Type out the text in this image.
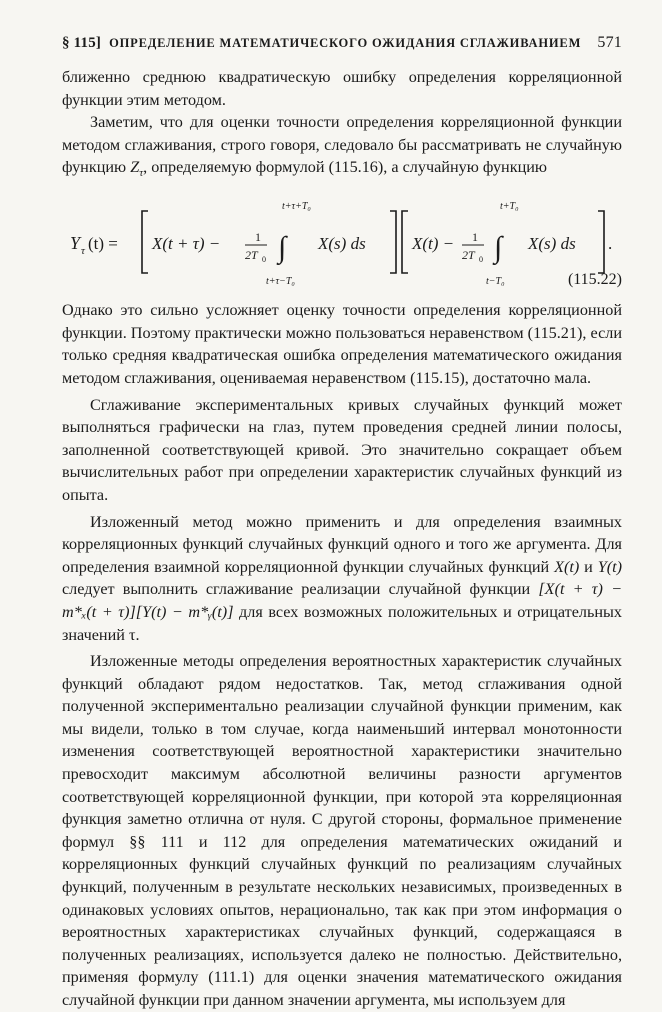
§ 115] ОПРЕДЕЛЕНИЕ МАТЕМАТИЧЕСКОГО ОЖИДАНИЯ СГЛАЖИВАНИЕМ	571

ближенно среднюю квадратическую ошибку определения корреляционной функции этим методом.

Заметим, что для оценки точности определения корреляционной функции методом сглаживания, строго говоря, следовало бы рассматривать не случайную функцию $Z_\tau$, определяемую формулой (115.16), а случайную функцию

Y τ (t) = X(t + τ) −	1
2T 0 ∫
t+τ+T₀
t+τ−T₀
X(s) ds	X(t) − 1
2T 0 ∫
t+T₀
t−T₀
X(s) ds .
(115.22)

Однако это сильно усложняет оценку точности определения корреляционной функции. Поэтому практически можно пользоваться неравенством (115.21), если только средняя квадратическая ошибка определения математического ожидания методом сглаживания, оцениваемая неравенством (115.15), достаточно мала.

Сглаживание экспериментальных кривых случайных функций может выполняться графически на глаз, путем проведения средней линии полосы, заполненной соответствующей кривой. Это значительно сокращает объем вычислительных работ при определении характеристик случайных функций из опыта.

Изложенный метод можно применить и для определения взаимных корреляционных функций случайных функций одного и того же аргумента. Для определения взаимной корреляционной функции случайных функций X(t) и Y(t) следует выполнить сглаживание реализации случайной функции [X(t + τ) − m*ₓ(t + τ)][Y(t) − m*ᵧ(t)] для всех возможных положительных и отрицательных значений τ.

Изложенные методы определения вероятностных характеристик случайных функций обладают рядом недостатков. Так, метод сглаживания одной полученной экспериментально реализации случайной функции применим, как мы видели, только в том случае, когда наименьший интервал монотонности изменения соответствующей вероятностной характеристики значительно превосходит максимум абсолютной величины разности аргументов соответствующей корреляционной функции, при которой эта корреляционная функция заметно отлична от нуля. С другой стороны, формальное применение формул §§ 111 и 112 для определения математических ожиданий и корреляционных функций случайных функций по реализациям случайных функций, полученным в результате нескольких независимых, произведенных в одинаковых условиях опытов, нерационально, так как при этом информация о вероятностных характеристиках случайных функций, содержащаяся в полученных реализациях, используется далеко не полностью. Действительно, применяя формулу (111.1) для оценки значения математического ожидания случайной функции при данном значении аргумента, мы используем для
